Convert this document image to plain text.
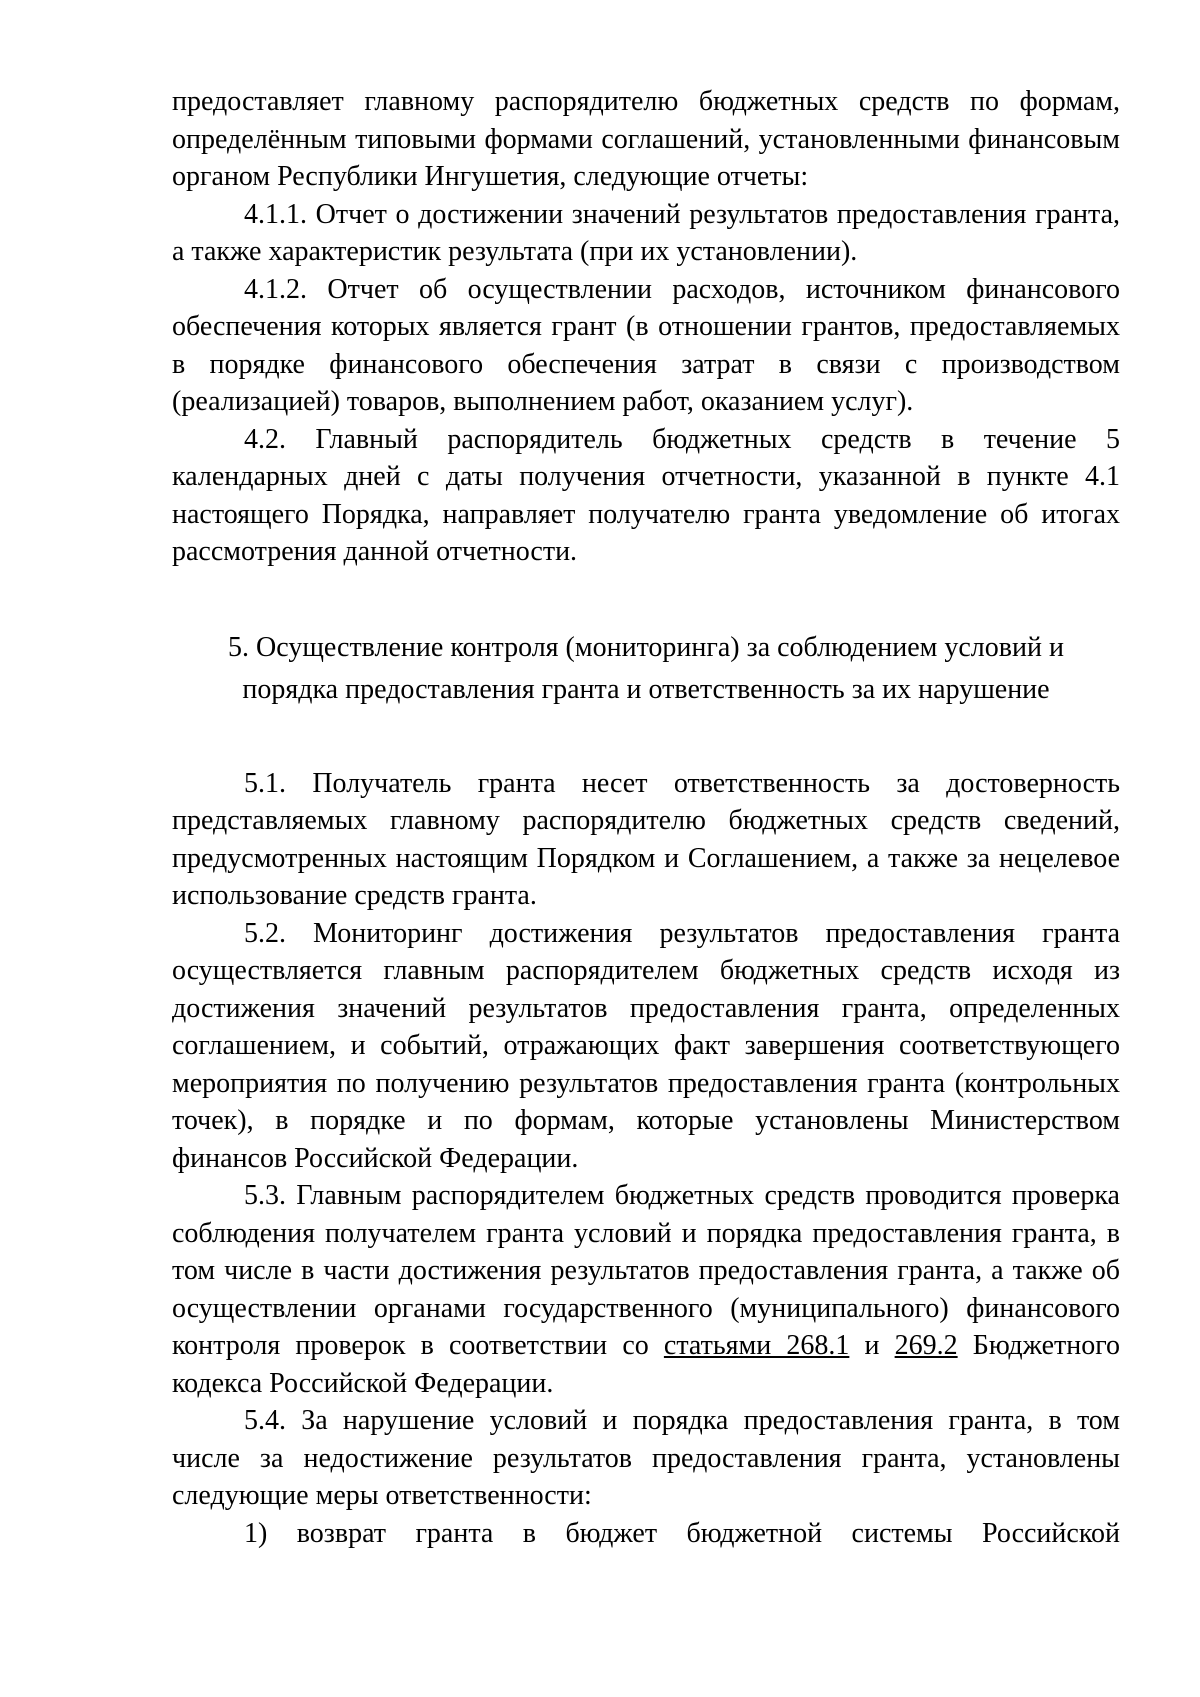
предоставляет главному распорядителю бюджетных средств по формам, определённым типовыми формами соглашений, установленными финансовым органом Республики Ингушетия, следующие отчеты:

4.1.1. Отчет о достижении значений результатов предоставления гранта, а также характеристик результата (при их установлении).

4.1.2. Отчет об осуществлении расходов, источником финансового обеспечения которых является грант (в отношении грантов, предоставляемых в порядке финансового обеспечения затрат в связи с производством (реализацией) товаров, выполнением работ, оказанием услуг).

4.2. Главный распорядитель бюджетных средств в течение 5 календарных дней с даты получения отчетности, указанной в пункте 4.1 настоящего Порядка, направляет получателю гранта уведомление об итогах рассмотрения данной отчетности.

5. Осуществление контроля (мониторинга) за соблюдением условий и
порядка предоставления гранта и ответственность за их нарушение

5.1. Получатель гранта несет ответственность за достоверность представляемых главному распорядителю бюджетных средств сведений, предусмотренных настоящим Порядком и Соглашением, а также за нецелевое использование средств гранта.

5.2. Мониторинг достижения результатов предоставления гранта осуществляется главным распорядителем бюджетных средств исходя из достижения значений результатов предоставления гранта, определенных соглашением, и событий, отражающих факт завершения соответствующего мероприятия по получению результатов предоставления гранта (контрольных точек), в порядке и по формам, которые установлены Министерством финансов Российской Федерации.

5.3. Главным распорядителем бюджетных средств проводится проверка соблюдения получателем гранта условий и порядка предоставления гранта, в том числе в части достижения результатов предоставления гранта, а также об осуществлении органами государственного (муниципального) финансового контроля проверок в соответствии со статьями 268.1 и 269.2 Бюджетного кодекса Российской Федерации.

5.4. За нарушение условий и порядка предоставления гранта, в том числе за недостижение результатов предоставления гранта, установлены следующие меры ответственности:

1) возврат гранта в бюджет бюджетной системы Российской
